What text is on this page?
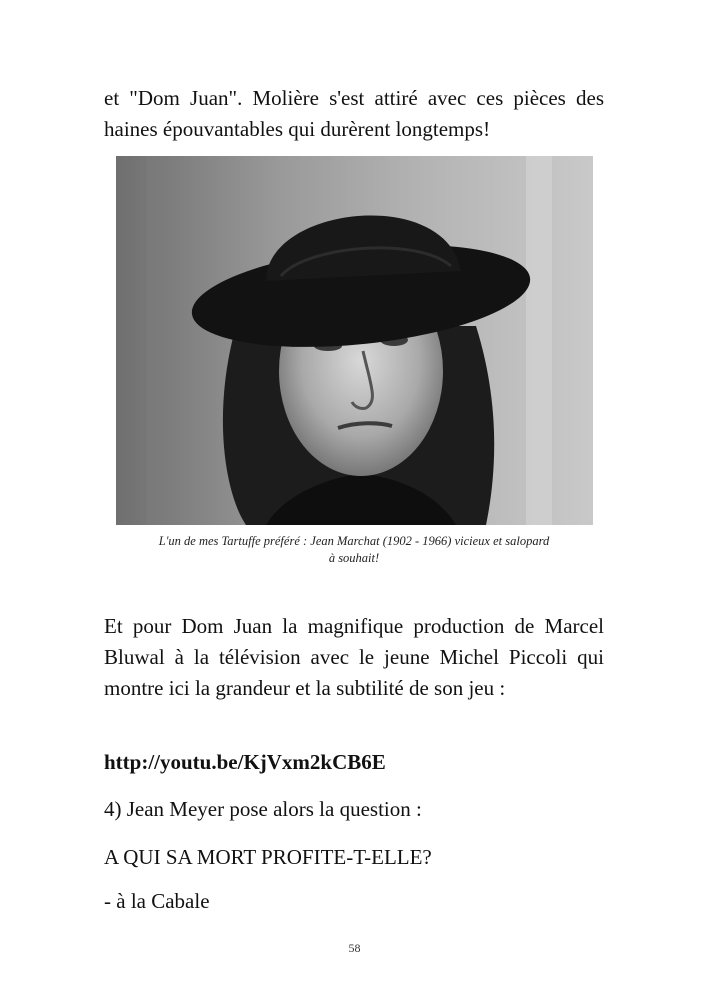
et "Dom Juan". Molière s'est attiré avec ces pièces des haines épouvantables qui durèrent longtemps!

L'un de mes Tartuffe préféré : Jean Marchat (1902 - 1966) vicieux et salopard
à souhait!

Et pour Dom Juan la magnifique production de Marcel Bluwal à la télévision avec le jeune Michel Piccoli qui montre ici la grandeur et la subtilité de son jeu :

http://youtu.be/KjVxm2kCB6E

4) Jean Meyer pose alors la question :

A QUI SA MORT PROFITE-T-ELLE?

- à la Cabale

58
